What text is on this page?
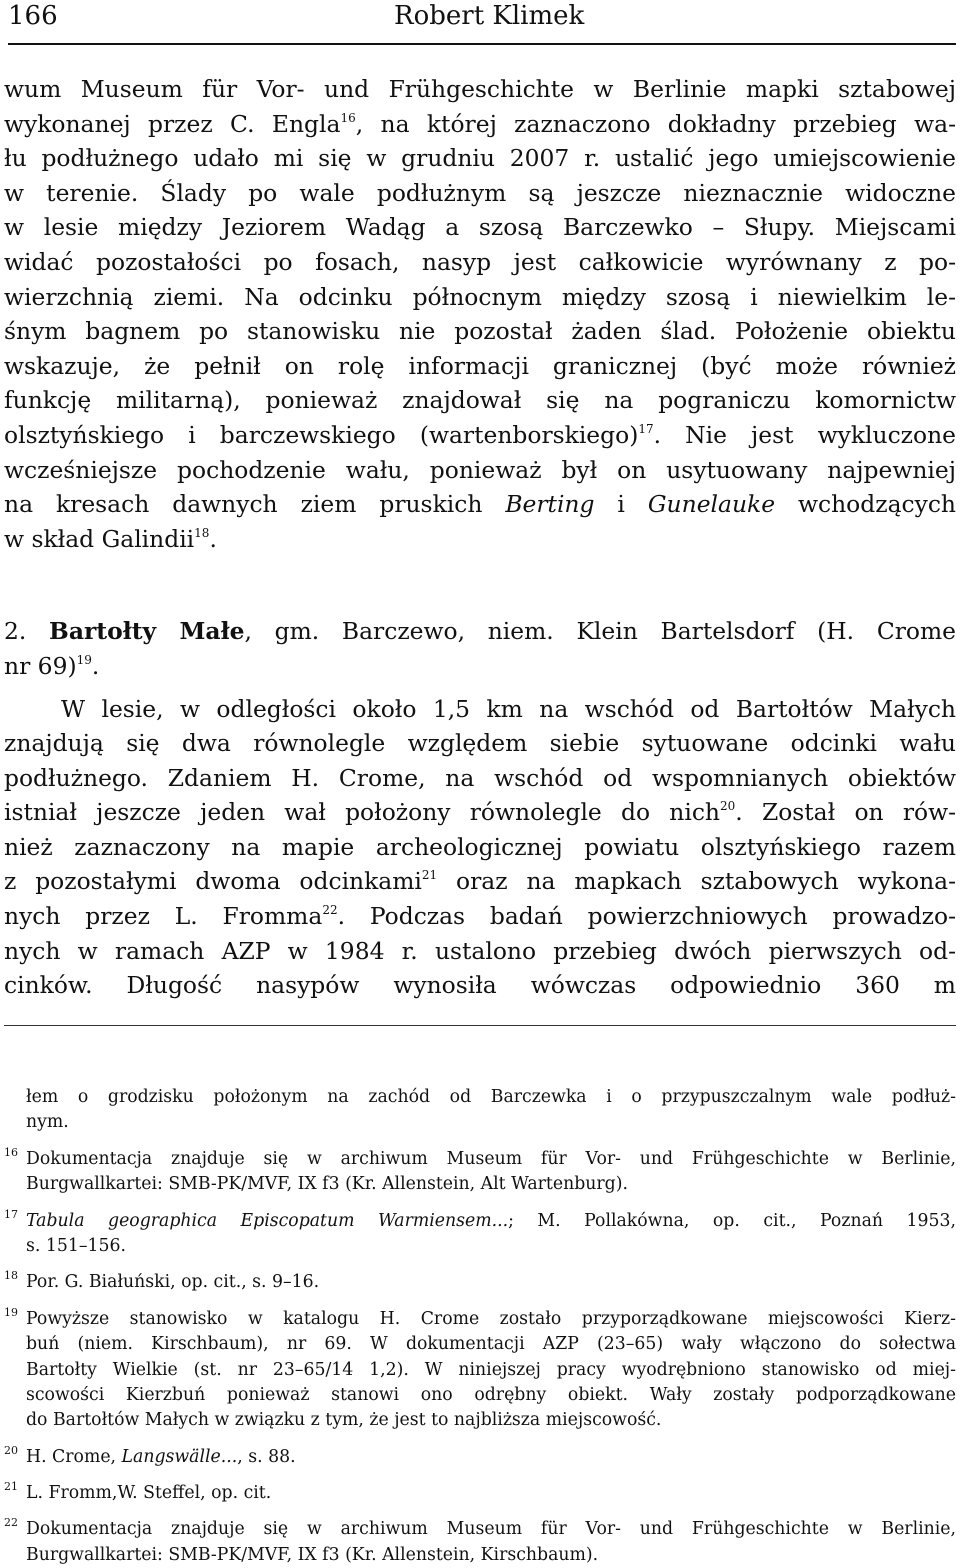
166	Robert Klimek
wum Museum für Vor- und Frühgeschichte w Berlinie mapki sztabowej
wykonanej przez C. Engla$^{16}$, na której zaznaczono dokładny przebieg wa-
łu podłużnego udało mi się w grudniu 2007 r. ustalić jego umiejscowienie
w terenie. Ślady po wale podłużnym są jeszcze nieznacznie widoczne
w lesie między Jeziorem Wadąg a szosą Barczewko – Słupy. Miejscami
widać pozostałości po fosach, nasyp jest całkowicie wyrównany z po-
wierzchnią ziemi. Na odcinku północnym między szosą i niewielkim le-
śnym bagnem po stanowisku nie pozostał żaden ślad. Położenie obiektu
wskazuje, że pełnił on rolę informacji granicznej (być może również
funkcję militarną), ponieważ znajdował się na pograniczu komornictw
olsztyńskiego i barczewskiego (wartenborskiego)$^{17}$. Nie jest wykluczone
wcześniejsze pochodzenie wału, ponieważ był on usytuowany najpewniej
na kresach dawnych ziem pruskich Berting i Gunelauke wchodzących
w skład Galindii$^{18}$.
2. Bartołty Małe, gm. Barczewo, niem. Klein Bartelsdorf (H. Crome
nr 69)$^{19}$.
W lesie, w odległości około 1,5 km na wschód od Bartołtów Małych
znajdują się dwa równolegle względem siebie sytuowane odcinki wału
podłużnego. Zdaniem H. Crome, na wschód od wspomnianych obiektów
istniał jeszcze jeden wał położony równolegle do nich$^{20}$. Został on rów-
nież zaznaczony na mapie archeologicznej powiatu olsztyńskiego razem
z pozostałymi dwoma odcinkami$^{21}$ oraz na mapkach sztabowych wykona-
nych przez L. Fromma$^{22}$. Podczas badań powierzchniowych prowadzo-
nych w ramach AZP w 1984 r. ustalono przebieg dwóch pierwszych od-
cinków. Długość nasypów wynosiła wówczas odpowiednio 360 m
łem o grodzisku położonym na zachód od Barczewka i o przypuszczalnym wale podłuż-
nym.
16 Dokumentacja znajduje się w archiwum Museum für Vor- und Frühgeschichte w Berlinie,
Burgwallkartei: SMB-PK/MVF, IX f3 (Kr. Allenstein, Alt Wartenburg).
17 Tabula geographica Episcopatum Warmiensem...; M. Pollakówna, op. cit., Poznań 1953,
s. 151–156.
18 Por. G. Białuński, op. cit., s. 9–16.
19 Powyższe stanowisko w katalogu H. Crome zostało przyporządkowane miejscowości Kierz-
buń (niem. Kirschbaum), nr 69. W dokumentacji AZP (23–65) wały włączono do sołectwa
Bartołty Wielkie (st. nr 23–65/14 1,2). W niniejszej pracy wyodrębniono stanowisko od miej-
scowości Kierzbuń ponieważ stanowi ono odrębny obiekt. Wały zostały podporządkowane
do Bartołtów Małych w związku z tym, że jest to najbliższa miejscowość.
20 H. Crome, Langswälle..., s. 88.
21 L. Fromm,W. Steffel, op. cit.
22 Dokumentacja znajduje się w archiwum Museum für Vor- und Frühgeschichte w Berlinie,
Burgwallkartei: SMB-PK/MVF, IX f3 (Kr. Allenstein, Kirschbaum).
